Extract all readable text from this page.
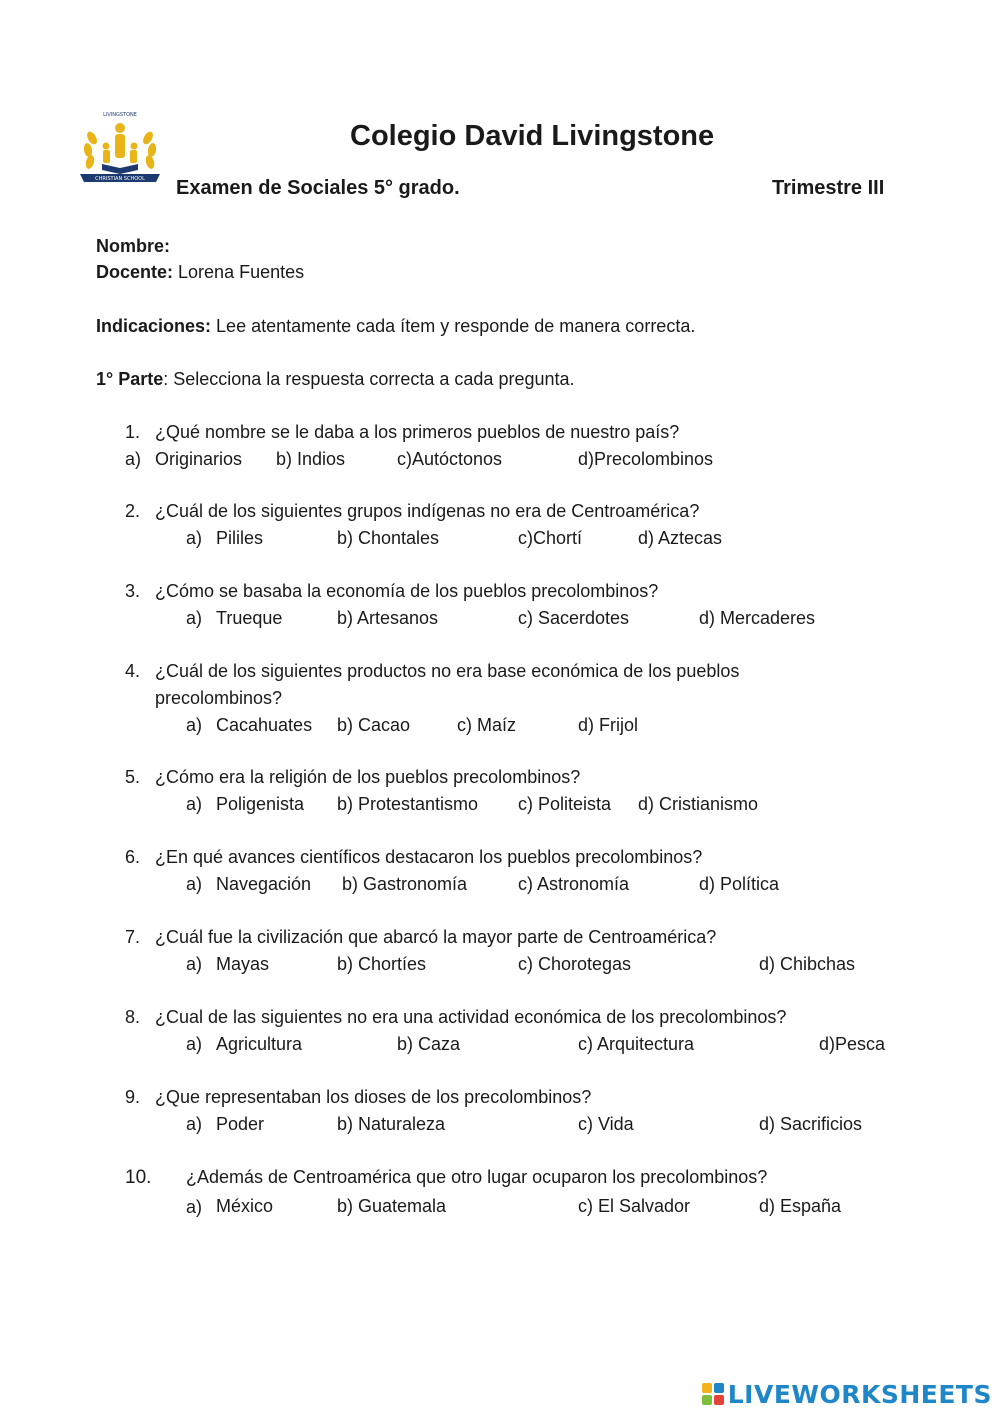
CHRISTIAN SCHOOL
LIVINGSTONE
Colegio David Livingstone
Examen de Sociales 5° grado.	Trimestre III
Nombre:
Docente: Lorena Fuentes
Indicaciones: Lee atentamente cada ítem y responde de manera correcta.
1° Parte: Selecciona la respuesta correcta a cada pregunta.
1. ¿Qué nombre se le daba a los primeros pueblos de nuestro país?
a) Originarios b) Indios	c)Autóctonos	d)Precolombinos
2. ¿Cuál de los siguientes grupos indígenas no era de Centroamérica?
a) Pililes	b) Chontales	c)Chortí	d) Aztecas
3. ¿Cómo se basaba la economía de los pueblos precolombinos?
a) Trueque	b) Artesanos	c) Sacerdotes	d) Mercaderes
4. ¿Cuál de los siguientes productos no era base económica de los pueblos
precolombinos?
a) Cacahuates b) Cacao	c) Maíz	d) Frijol
5. ¿Cómo era la religión de los pueblos precolombinos?
a) Poligenista b) Protestantismo c) Politeista d) Cristianismo
6. ¿En qué avances científicos destacaron los pueblos precolombinos?
a) Navegación b) Gastronomía	c) Astronomía	d) Política
7. ¿Cuál fue la civilización que abarcó la mayor parte de Centroamérica?
a) Mayas	b) Chortíes	c) Chorotegas	d) Chibchas
8. ¿Cual de las siguientes no era una actividad económica de los precolombinos?
a) Agricultura	b) Caza	c) Arquitectura	d)Pesca
9. ¿Que representaban los dioses de los precolombinos?
a) Poder	b) Naturaleza	c) Vida	d) Sacrificios
10. ¿Además de Centroamérica que otro lugar ocuparon los precolombinos?
a) México	b) Guatemala	c) El Salvador	d) España
LIVEWORKSHEETS
